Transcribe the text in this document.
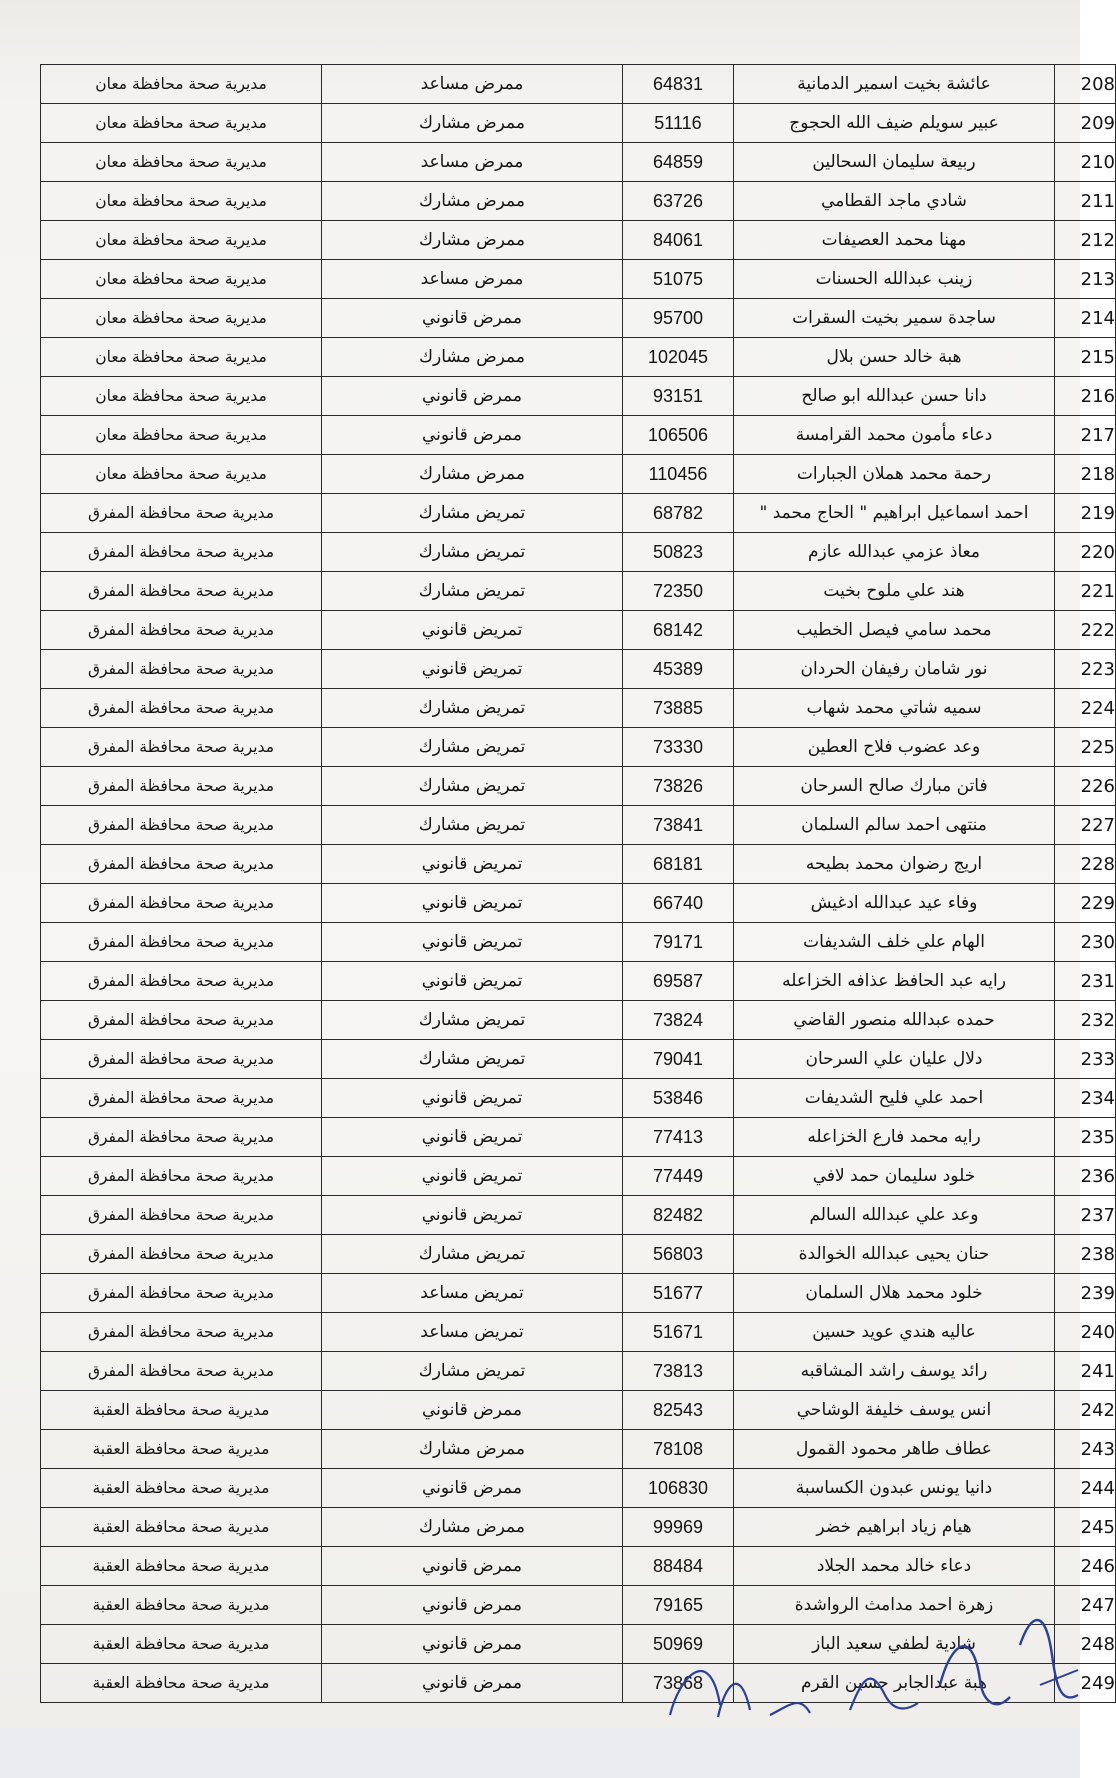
208	عائشة بخيت اسمير الدمانية	64831	ممرض مساعد	مديرية صحة محافظة معان
209	عبير سويلم ضيف الله الحجوج	51116	ممرض مشارك	مديرية صحة محافظة معان
210	ربيعة سليمان السحالين	64859	ممرض مساعد	مديرية صحة محافظة معان
211	شادي ماجد القطامي	63726	ممرض مشارك	مديرية صحة محافظة معان
212	مهنا محمد العصيفات	84061	ممرض مشارك	مديرية صحة محافظة معان
213	زينب عبدالله الحسنات	51075	ممرض مساعد	مديرية صحة محافظة معان
214	ساجدة سمير بخيت السقرات	95700	ممرض قانوني	مديرية صحة محافظة معان
215	هبة خالد حسن بلال	102045	ممرض مشارك	مديرية صحة محافظة معان
216	دانا حسن عبدالله ابو صالح	93151	ممرض قانوني	مديرية صحة محافظة معان
217	دعاء مأمون محمد القرامسة	106506	ممرض قانوني	مديرية صحة محافظة معان
218	رحمة محمد هملان الجبارات	110456	ممرض مشارك	مديرية صحة محافظة معان
219	احمد اسماعيل ابراهيم " الحاج محمد "	68782	تمريض مشارك	مديرية صحة محافظة المفرق
220	معاذ عزمي عبدالله عازم	50823	تمريض مشارك	مديرية صحة محافظة المفرق
221	هند علي ملوح بخيت	72350	تمريض مشارك	مديرية صحة محافظة المفرق
222	محمد سامي فيصل الخطيب	68142	تمريض قانوني	مديرية صحة محافظة المفرق
223	نور شامان رفيفان الحردان	45389	تمريض قانوني	مديرية صحة محافظة المفرق
224	سميه شاتي محمد شهاب	73885	تمريض مشارك	مديرية صحة محافظة المفرق
225	وعد عضوب فلاح العطين	73330	تمريض مشارك	مديرية صحة محافظة المفرق
226	فاتن مبارك صالح السرحان	73826	تمريض مشارك	مديرية صحة محافظة المفرق
227	منتهى احمد سالم السلمان	73841	تمريض مشارك	مديرية صحة محافظة المفرق
228	اريج رضوان محمد بطيحه	68181	تمريض قانوني	مديرية صحة محافظة المفرق
229	وفاء عيد عبدالله ادغيش	66740	تمريض قانوني	مديرية صحة محافظة المفرق
230	الهام علي خلف الشديفات	79171	تمريض قانوني	مديرية صحة محافظة المفرق
231	رايه عبد الحافظ عذافه الخزاعله	69587	تمريض قانوني	مديرية صحة محافظة المفرق
232	حمده عبدالله منصور القاضي	73824	تمريض مشارك	مديرية صحة محافظة المفرق
233	دلال عليان علي السرحان	79041	تمريض مشارك	مديرية صحة محافظة المفرق
234	احمد علي فليح الشديفات	53846	تمريض قانوني	مديرية صحة محافظة المفرق
235	رايه محمد فارع الخزاعله	77413	تمريض قانوني	مديرية صحة محافظة المفرق
236	خلود سليمان حمد لافي	77449	تمريض قانوني	مديرية صحة محافظة المفرق
237	وعد علي عبدالله السالم	82482	تمريض قانوني	مديرية صحة محافظة المفرق
238	حنان يحيى عبدالله الخوالدة	56803	تمريض مشارك	مديرية صحة محافظة المفرق
239	خلود محمد هلال السلمان	51677	تمريض مساعد	مديرية صحة محافظة المفرق
240	عاليه هندي عويد حسين	51671	تمريض مساعد	مديرية صحة محافظة المفرق
241	رائد يوسف راشد المشاقبه	73813	تمريض مشارك	مديرية صحة محافظة المفرق
242	انس يوسف خليفة الوشاحي	82543	ممرض قانوني	مديرية صحة محافظة العقبة
243	عطاف طاهر محمود القمول	78108	ممرض مشارك	مديرية صحة محافظة العقبة
244	دانيا يونس عبدون الكساسبة	106830	ممرض قانوني	مديرية صحة محافظة العقبة
245	هيام زياد ابراهيم خضر	99969	ممرض مشارك	مديرية صحة محافظة العقبة
246	دعاء خالد محمد الجلاد	88484	ممرض قانوني	مديرية صحة محافظة العقبة
247	زهرة احمد مدامث الرواشدة	79165	ممرض قانوني	مديرية صحة محافظة العقبة
248	شادية لطفي سعيد الباز	50969	ممرض قانوني	مديرية صحة محافظة العقبة
249	هبة عبدالجابر حسين القرم	73868	ممرض قانوني	مديرية صحة محافظة العقبة
